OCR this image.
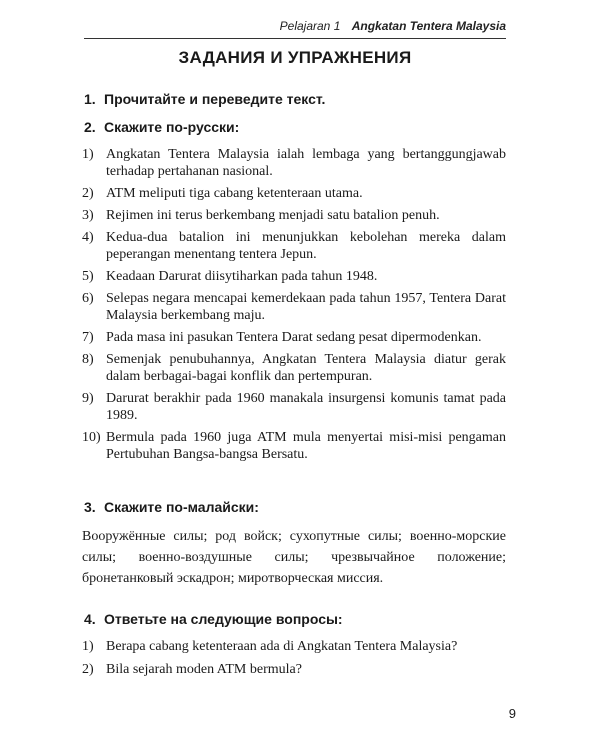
Pelajaran 1 Angkatan Tentera Malaysia
ЗАДАНИЯ И УПРАЖНЕНИЯ
1. Прочитайте и переведите текст.
2. Скажите по-русски:
1) Angkatan Tentera Malaysia ialah lembaga yang bertanggungjawab terhadap pertahanan nasional.
2) ATM meliputi tiga cabang ketenteraan utama.
3) Rejimen ini terus berkembang menjadi satu batalion penuh.
4) Kedua-dua batalion ini menunjukkan kebolehan mereka dalam peperangan menentang tentera Jepun.
5) Keadaan Darurat diisytiharkan pada tahun 1948.
6) Selepas negara mencapai kemerdekaan pada tahun 1957, Tentera Darat Malaysia berkembang maju.
7) Pada masa ini pasukan Tentera Darat sedang pesat dipermodenkan.
8) Semenjak penubuhannya, Angkatan Tentera Malaysia diatur gerak dalam berbagai-bagai konflik dan pertempuran.
9) Darurat berakhir pada 1960 manakala insurgensi komunis tamat pada 1989.
10) Bermula pada 1960 juga ATM mula menyertai misi-misi pengaman Pertubuhan Bangsa-bangsa Bersatu.
3. Скажите по-малайски:

Вооружённые силы; род войск; сухопутные силы; военно-морские силы; военно-воздушные силы; чрезвычайное положение; бронетанковый эскадрон; миротворческая миссия.

4. Ответьте на следующие вопросы:
1) Berapa cabang ketenteraan ada di Angkatan Tentera Malaysia?
2) Bila sejarah moden ATM bermula?
9
